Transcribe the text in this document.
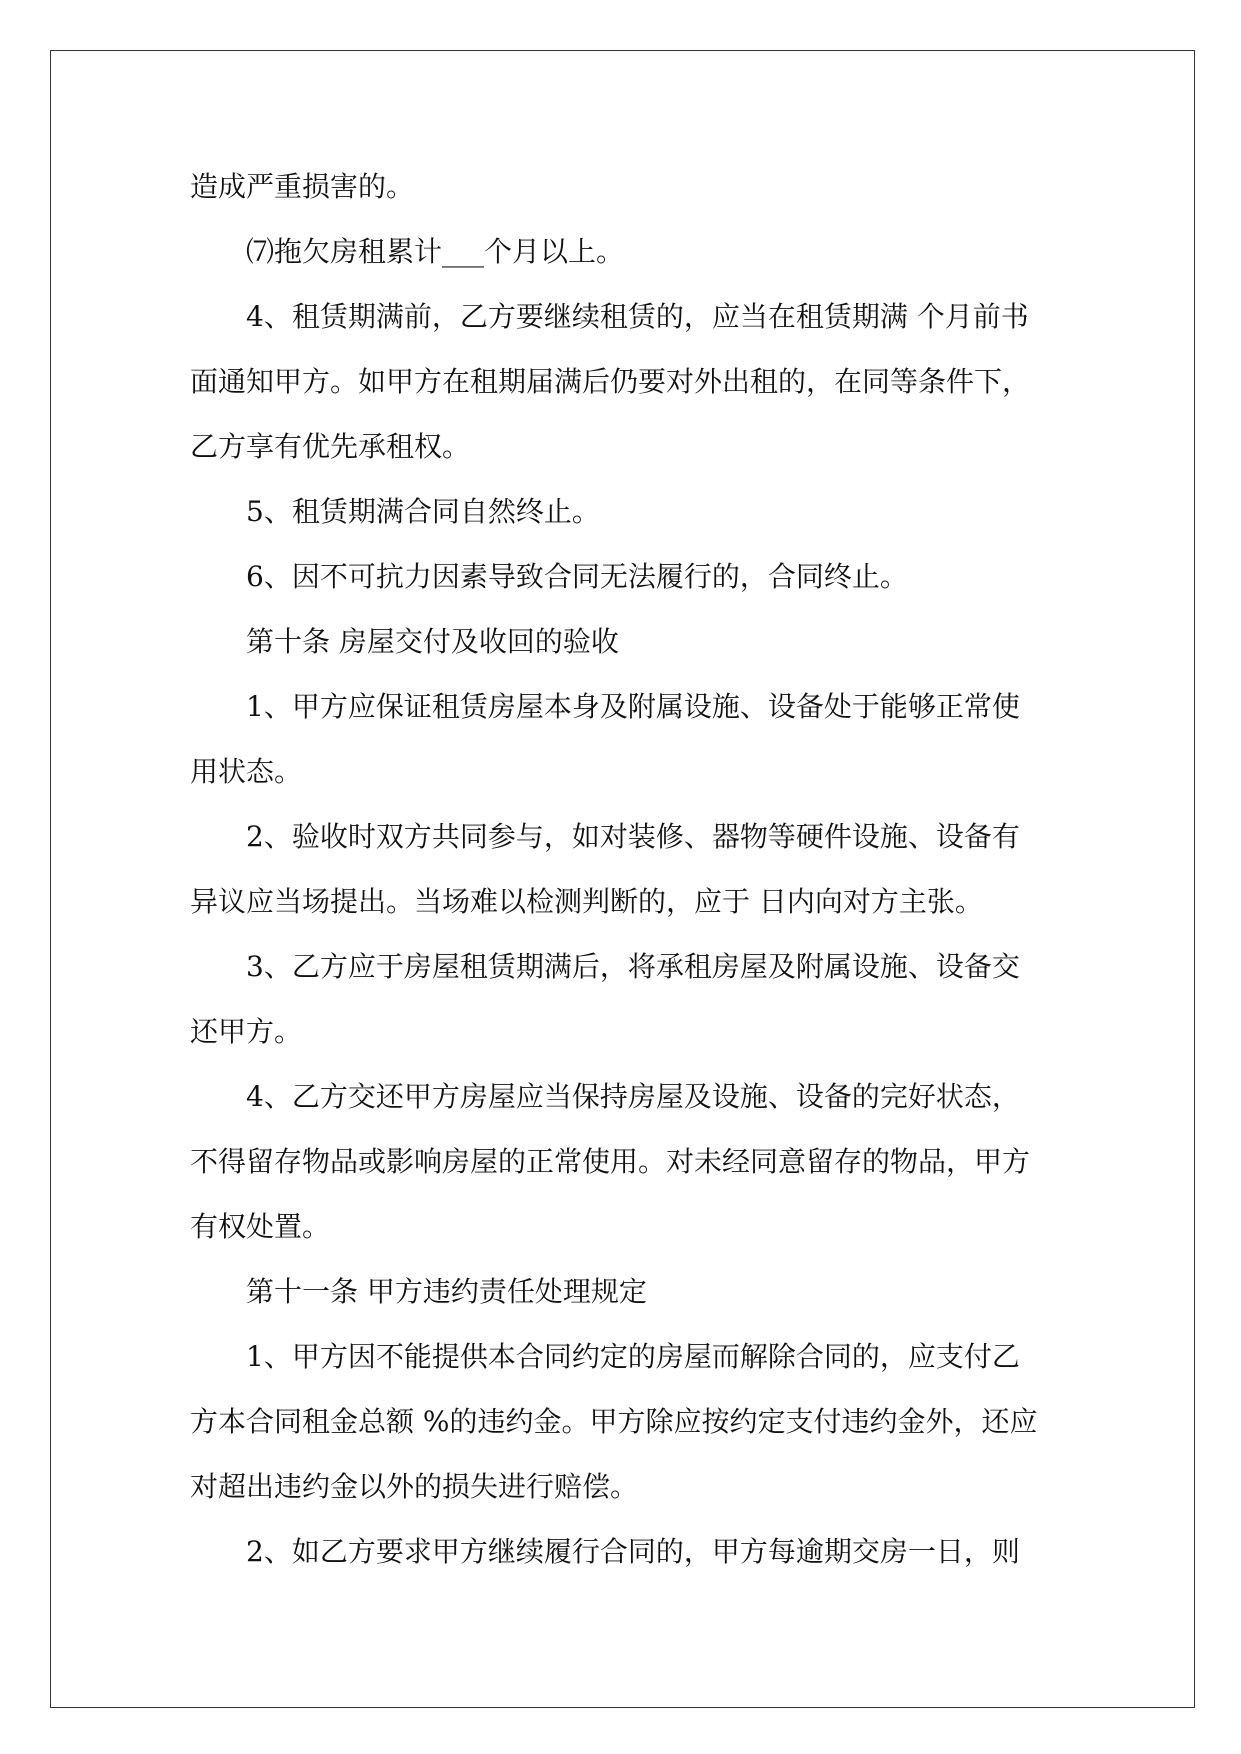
造成严重损害的。
⑺拖欠房租累计___个月以上。
4、租赁期满前，乙方要继续租赁的，应当在租赁期满 个月前书
面通知甲方。如甲方在租期届满后仍要对外出租的，在同等条件下，
乙方享有优先承租权。
5、租赁期满合同自然终止。
6、因不可抗力因素导致合同无法履行的，合同终止。
第十条 房屋交付及收回的验收
1、甲方应保证租赁房屋本身及附属设施、设备处于能够正常使
用状态。
2、验收时双方共同参与，如对装修、器物等硬件设施、设备有
异议应当场提出。当场难以检测判断的，应于 日内向对方主张。
3、乙方应于房屋租赁期满后，将承租房屋及附属设施、设备交
还甲方。
4、乙方交还甲方房屋应当保持房屋及设施、设备的完好状态，
不得留存物品或影响房屋的正常使用。对未经同意留存的物品，甲方
有权处置。
第十一条 甲方违约责任处理规定
1、甲方因不能提供本合同约定的房屋而解除合同的，应支付乙
方本合同租金总额 %的违约金。甲方除应按约定支付违约金外，还应
对超出违约金以外的损失进行赔偿。
2、如乙方要求甲方继续履行合同的，甲方每逾期交房一日，则
